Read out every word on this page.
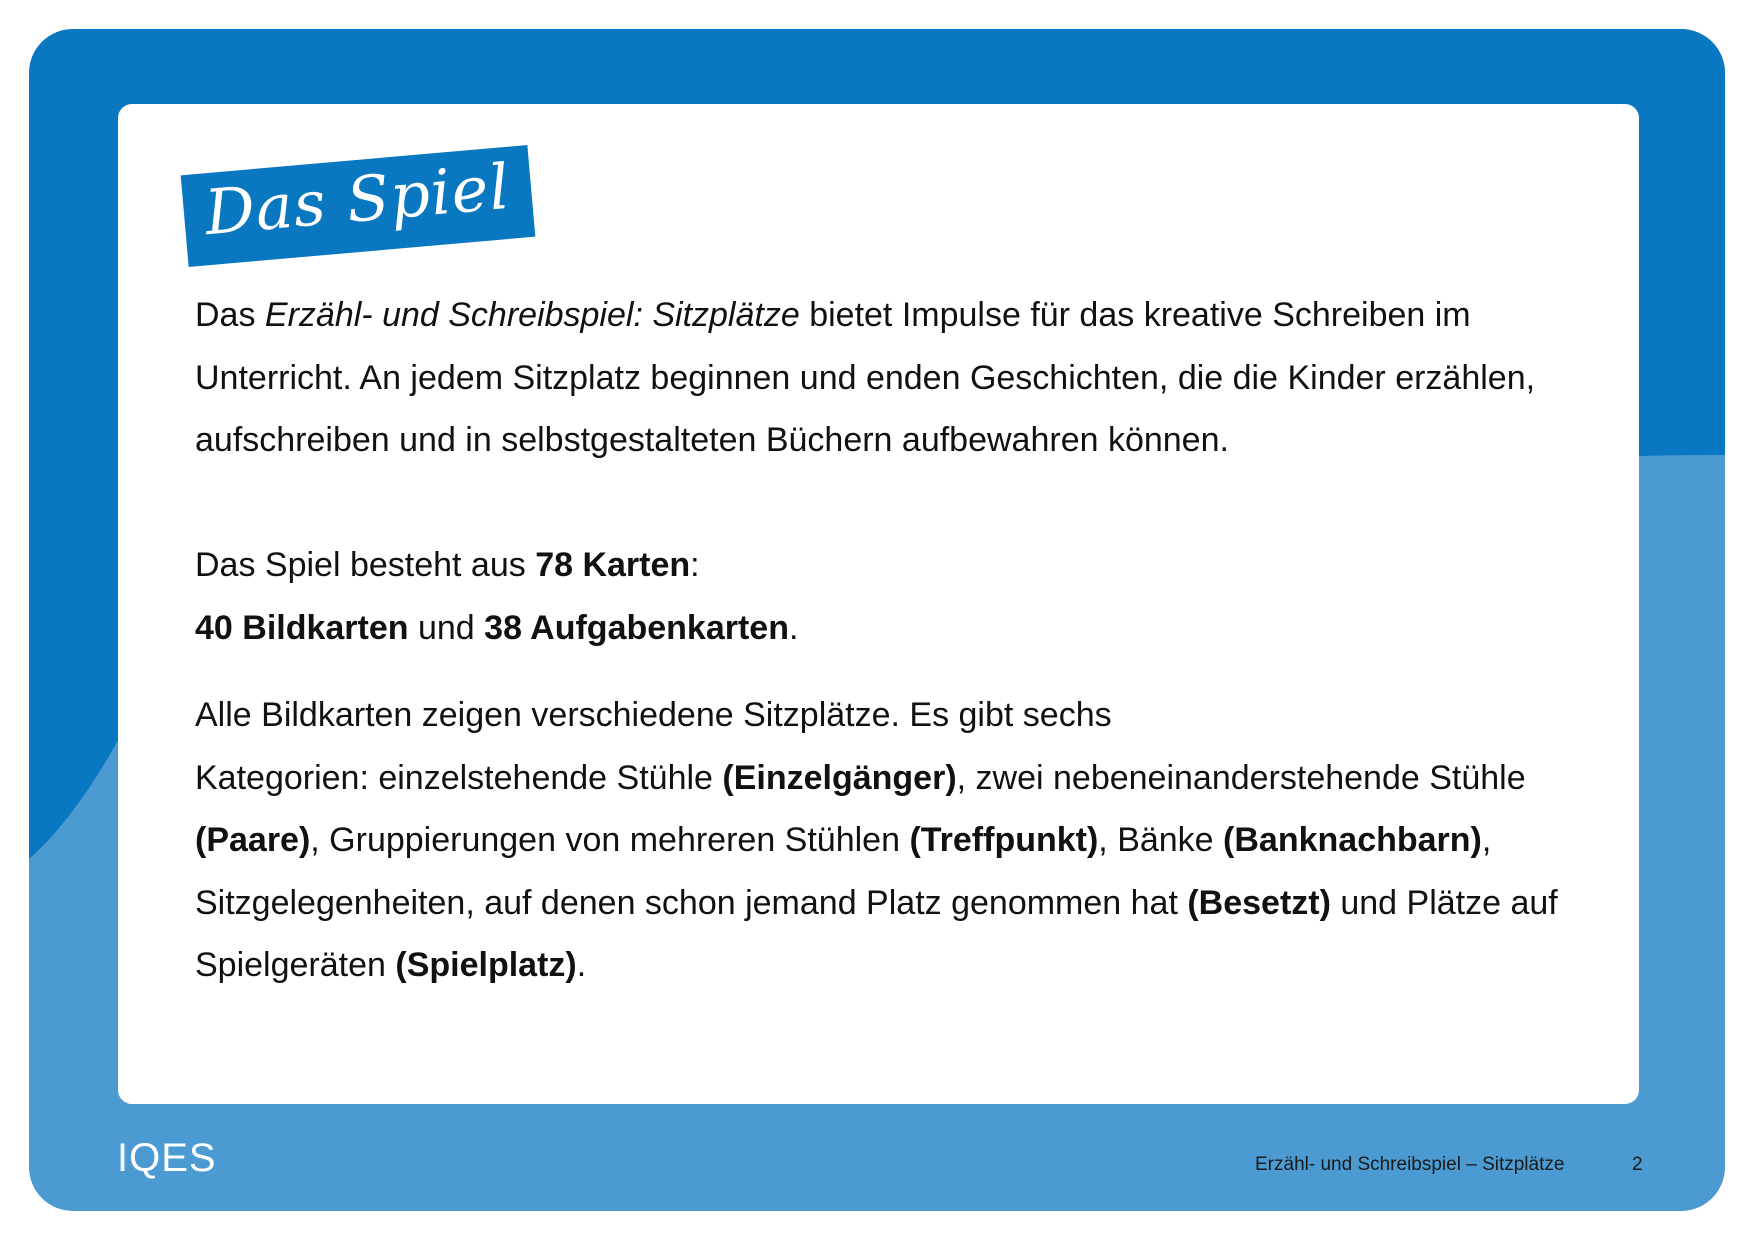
Das Spiel

Das Erzähl- und Schreibspiel: Sitzplätze bietet Impulse für das kreative Schreiben im Unterricht. An jedem Sitzplatz beginnen und enden Geschichten, die die Kinder erzählen, aufschreiben und in selbstgestalteten Büchern aufbewahren können.

Das Spiel besteht aus 78 Karten:
40 Bildkarten und 38 Aufgabenkarten.

Alle Bildkarten zeigen verschiedene Sitzplätze. Es gibt sechs
Kategorien: einzelstehende Stühle (Einzelgänger), zwei nebeneinanderstehende Stühle (Paare), Gruppierungen von mehreren Stühlen (Treffpunkt), Bänke (Banknachbarn), Sitzgelegenheiten, auf denen schon jemand Platz genommen hat (Besetzt) und Plätze auf Spielgeräten (Spielplatz).

IQES	Erzähl- und Schreibspiel – Sitzplätze	2
